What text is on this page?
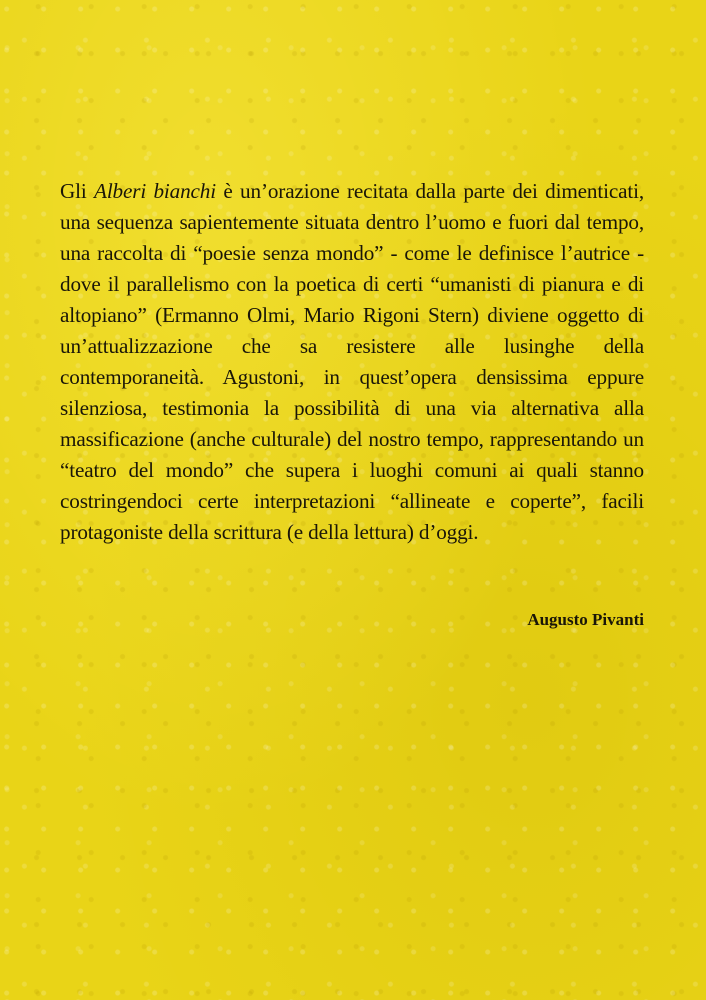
Gli Alberi bianchi è un’orazione recitata dalla parte dei dimenticati, una sequenza sapientemente situata dentro l’uomo e fuori dal tempo, una raccolta di “poesie senza mondo” - come le definisce l’autrice - dove il parallelismo con la poetica di certi “umanisti di pianura e di altopiano” (Ermanno Olmi, Mario Rigoni Stern) diviene oggetto di un’attualizzazione che sa resistere alle lusinghe della contemporaneità. Agustoni, in quest’opera densissima eppure silenziosa, testimonia la possibilità di una via alternativa alla massificazione (anche culturale) del nostro tempo, rappresentando un “teatro del mondo” che supera i luoghi comuni ai quali stanno costringendoci certe interpretazioni “allineate e coperte”, facili protagoniste della scrittura (e della lettura) d’oggi.

Augusto Pivanti
